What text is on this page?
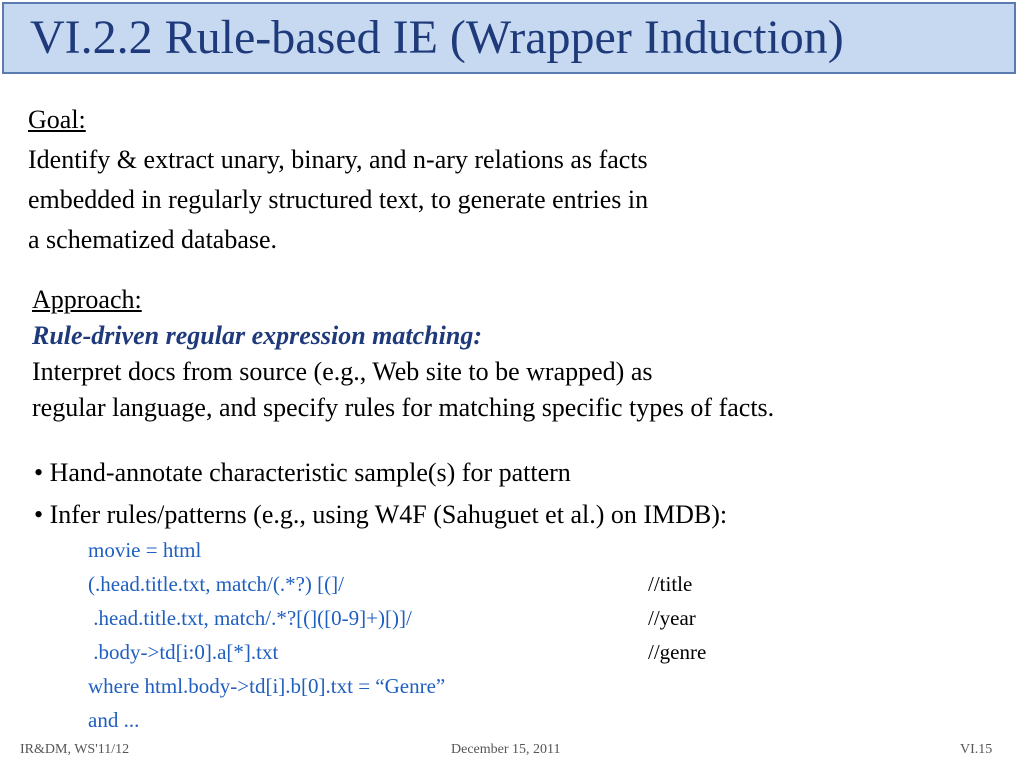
VI.2.2 Rule-based IE (Wrapper Induction)
Goal:
Identify & extract unary, binary, and n-ary relations as facts
embedded in regularly structured text, to generate entries in
a schematized database.
Approach:
Rule-driven regular expression matching:
Interpret docs from source (e.g., Web site to be wrapped) as
regular language, and specify rules for matching specific types of facts.
• Hand-annotate characteristic sample(s) for pattern
• Infer rules/patterns (e.g., using W4F (Sahuguet et al.) on IMDB):
movie = html
(.head.title.txt, match/(.*?) [(]/	//title
.head.title.txt, match/.*?[(]([0-9]+)[)]/	//year
.body->td[i:0].a[*].txt	//genre
where html.body->td[i].b[0].txt = “Genre”
and ...
IR&DM, WS'11/12	December 15, 2011	VI.15
